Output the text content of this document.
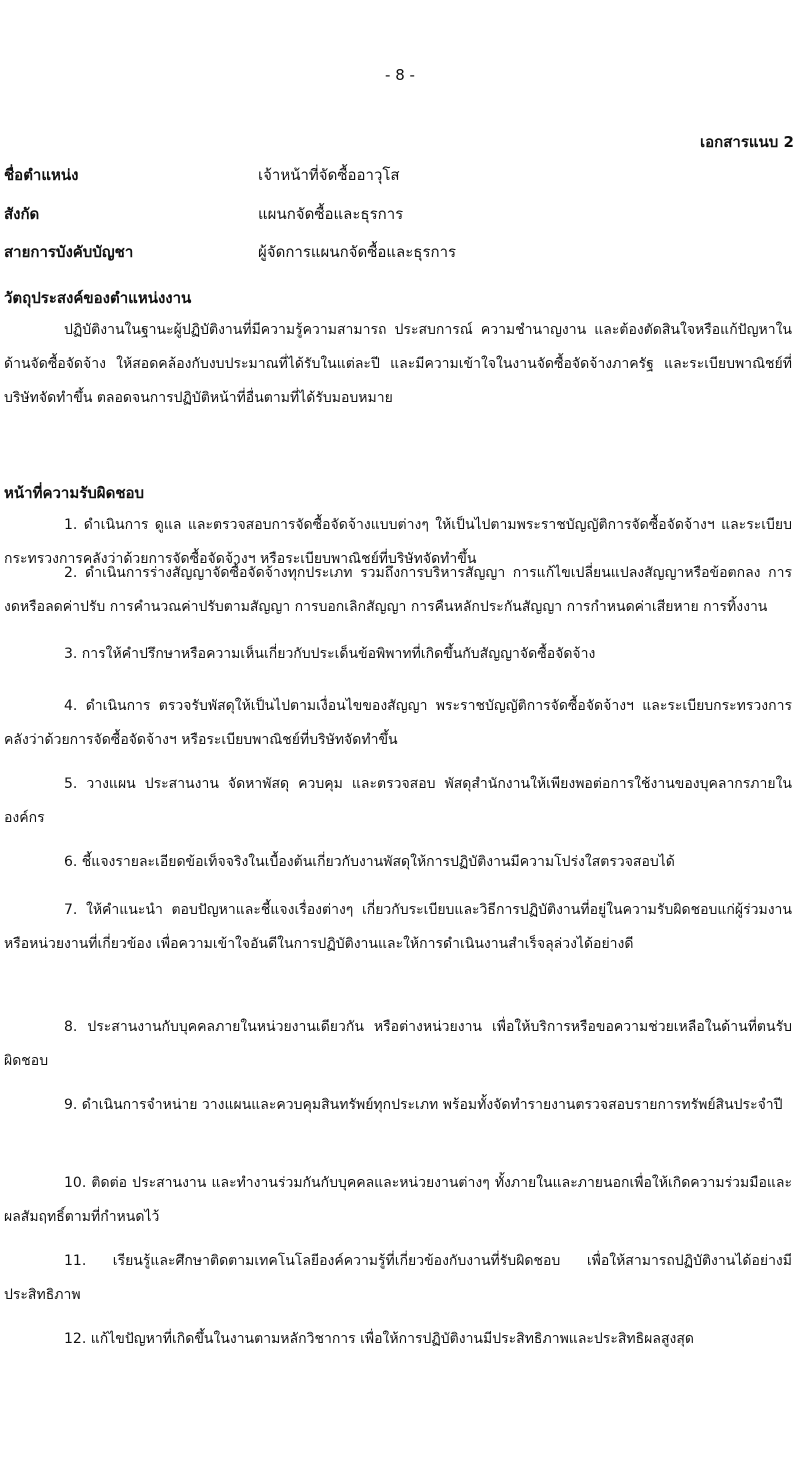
- 8 -
เอกสารแนบ 2
ชื่อตำแหน่ง	เจ้าหน้าที่จัดซื้ออาวุโส
สังกัด	แผนกจัดซื้อและธุรการ
สายการบังคับบัญชา	ผู้จัดการแผนกจัดซื้อและธุรการ
วัตถุประสงค์ของตำแหน่งงาน

ปฏิบัติงานในฐานะผู้ปฏิบัติงานที่มีความรู้ความสามารถ ประสบการณ์ ความชำนาญงาน และต้องตัดสินใจหรือแก้ปัญหาในด้านจัดซื้อจัดจ้าง ให้สอดคล้องกับงบประมาณที่ได้รับในแต่ละปี และมีความเข้าใจในงานจัดซื้อจัดจ้างภาครัฐ และระเบียบพาณิชย์ที่บริษัทจัดทำขึ้น ตลอดจนการปฏิบัติหน้าที่อื่นตามที่ได้รับมอบหมาย

หน้าที่ความรับผิดชอบ

1. ดำเนินการ ดูแล และตรวจสอบการจัดซื้อจัดจ้างแบบต่างๆ ให้เป็นไปตามพระราชบัญญัติการจัดซื้อจัดจ้างฯ และระเบียบกระทรวงการคลังว่าด้วยการจัดซื้อจัดจ้างฯ หรือระเบียบพาณิชย์ที่บริษัทจัดทำขึ้น

2. ดำเนินการร่างสัญญาจัดซื้อจัดจ้างทุกประเภท รวมถึงการบริหารสัญญา การแก้ไขเปลี่ยนแปลงสัญญาหรือข้อตกลง การงดหรือลดค่าปรับ การคำนวณค่าปรับตามสัญญา การบอกเลิกสัญญา การคืนหลักประกันสัญญา การกำหนดค่าเสียหาย การทิ้งงาน

3. การให้คำปรึกษาหรือความเห็นเกี่ยวกับประเด็นข้อพิพาทที่เกิดขึ้นกับสัญญาจัดซื้อจัดจ้าง

4. ดำเนินการ ตรวจรับพัสดุให้เป็นไปตามเงื่อนไขของสัญญา พระราชบัญญัติการจัดซื้อจัดจ้างฯ และระเบียบกระทรวงการคลังว่าด้วยการจัดซื้อจัดจ้างฯ หรือระเบียบพาณิชย์ที่บริษัทจัดทำขึ้น

5. วางแผน ประสานงาน จัดหาพัสดุ ควบคุม และตรวจสอบ พัสดุสำนักงานให้เพียงพอต่อการใช้งานของบุคลากรภายในองค์กร

6. ชี้แจงรายละเอียดข้อเท็จจริงในเบื้องต้นเกี่ยวกับงานพัสดุให้การปฏิบัติงานมีความโปร่งใสตรวจสอบได้

7. ให้คำแนะนำ ตอบปัญหาและชี้แจงเรื่องต่างๆ เกี่ยวกับระเบียบและวิธีการปฏิบัติงานที่อยู่ในความรับผิดชอบแก่ผู้ร่วมงานหรือหน่วยงานที่เกี่ยวข้อง เพื่อความเข้าใจอันดีในการปฏิบัติงานและให้การดำเนินงานสำเร็จลุล่วงได้อย่างดี

8. ประสานงานกับบุคคลภายในหน่วยงานเดียวกัน หรือต่างหน่วยงาน เพื่อให้บริการหรือขอความช่วยเหลือในด้านที่ตนรับผิดชอบ

9. ดำเนินการจำหน่าย วางแผนและควบคุมสินทรัพย์ทุกประเภท พร้อมทั้งจัดทำรายงานตรวจสอบรายการทรัพย์สินประจำปี

10. ติดต่อ ประสานงาน และทำงานร่วมกันกับบุคคลและหน่วยงานต่างๆ ทั้งภายในและภายนอกเพื่อให้เกิดความร่วมมือและผลสัมฤทธิ์ตามที่กำหนดไว้

11. เรียนรู้และศึกษาติดตามเทคโนโลยีองค์ความรู้ที่เกี่ยวข้องกับงานที่รับผิดชอบ เพื่อให้สามารถปฏิบัติงานได้อย่างมีประสิทธิภาพ

12. แก้ไขปัญหาที่เกิดขึ้นในงานตามหลักวิชาการ เพื่อให้การปฏิบัติงานมีประสิทธิภาพและประสิทธิผลสูงสุด
